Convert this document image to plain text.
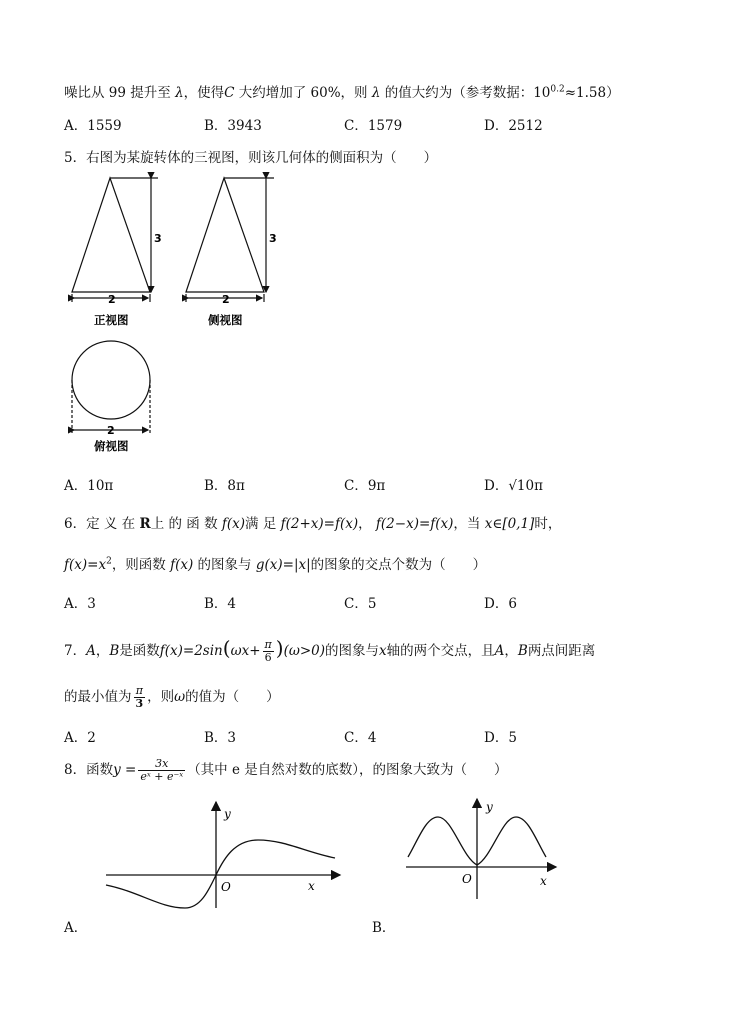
噪比从 99 提升至 λ，使得C 大约增加了 60%，则 λ 的值大约为（参考数据：$10^{0.2}\approx 1.58$）
A．1559	B．3943	C．1579	D．2512
5．右图为某旋转体的三视图，则该几何体的侧面积为（　　）
3	3
2	2
2
正视图	侧视图
俯视图
A．10π	B．8π	C．9π	D．√10π
6．定 义 在 R上 的 函 数 f(x)满 足 f(2+x)=f(x)， f(2−x)=f(x)，当 x∈[0,1]时，
$f(x)=x^2$，则函数 f(x) 的图象与 g(x)=|x|的图象的交点个数为（　　）
A．3	B．4	C．5	D．6
7．A，B是函数$f(x)=2\sin(\omega x+ \frac{\pi}{6} )(\omega>0)$的图象与x轴的两个交点，且A，B两点间距离
的最小值为 $\frac{\pi}{3}$ ，则ω的值为（　　）
A．2	B．3	C．4	D．5
8．函数$y = \frac{3x}{\text{eˣ + e⁻ˣ}}$ （其中 e 是自然对数的底数），的图象大致为（　　）
y
x
O
y
x
O
A．	B．
